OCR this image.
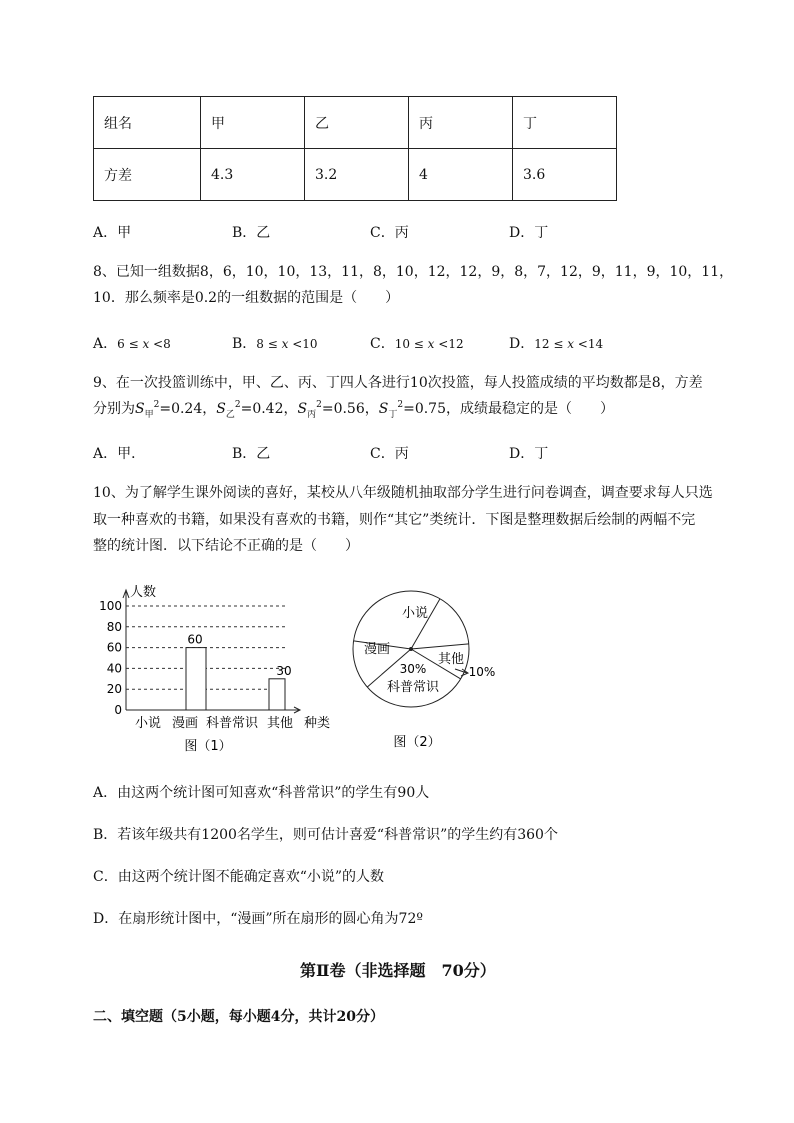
组名	甲	乙	丙	丁
方差	4.3	3.2	4	3.6
A．甲	B．乙	C．丙	D．丁
8、已知一组数据8，6，10，10，13，11，8，10，12，12，9，8，7，12，9，11，9，10，11，
10．那么频率是0.2的一组数据的范围是（　　）
A．6 ≤ x <8	B．8 ≤ x <10	C．10 ≤ x <12	D．12 ≤ x <14
9、在一次投篮训练中，甲、乙、丙、丁四人各进行10次投篮，每人投篮成绩的平均数都是8，方差
分别为$S_甲^2=0.24$，$S_乙^2=0.42$，$S_丙^2=0.56$，$S_丁^2=0.75$，成绩最稳定的是（　　）
A．甲．	B．乙	C．丙	D．丁
10、为了解学生课外阅读的喜好，某校从八年级随机抽取部分学生进行问卷调查，调查要求每人只选
取一种喜欢的书籍，如果没有喜欢的书籍，则作“其它”类统计．下图是整理数据后绘制的两幅不完
整的统计图．以下结论不正确的是（　　）
人数
0
20
40
60
80
100
60
30
小说 漫画 科普常识 其他 种类
图（1）
小说
漫画
科普常识
其他
30%	10%
图（2）
A．由这两个统计图可知喜欢“科普常识”的学生有90人
B．若该年级共有1200名学生，则可估计喜爱“科普常识”的学生约有360个
C．由这两个统计图不能确定喜欢“小说”的人数
D．在扇形统计图中，“漫画”所在扇形的圆心角为72º
第Ⅱ卷（非选择题　70分）
二、填空题（5小题，每小题4分，共计20分）
